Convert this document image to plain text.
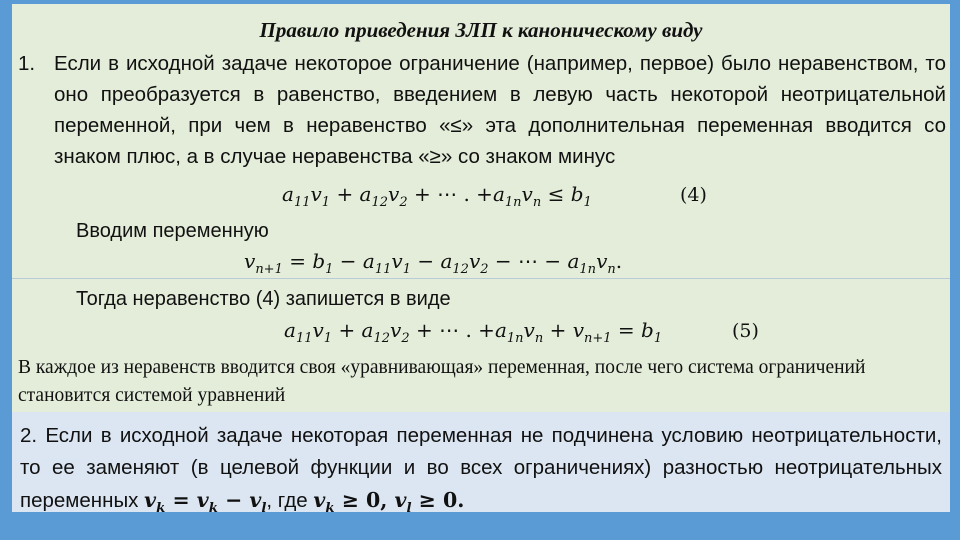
Правило приведения ЗЛП к каноническому виду
1. Если в исходной задаче некоторое ограничение (например, первое) было неравенством, то оно преобразуется в равенство, введением в левую часть некоторой неотрицательной переменной, при чем в неравенство «≤» эта дополнительная переменная вводится со знаком плюс, а в случае неравенства «≥» со знаком минус
$a_{11}v_1 + a_{12}v_2$ + ⋯ . $+a_{1n}v_n \le b_1$	(4)
Вводим переменную
$v_{n+1} = b_1 - a_{11}v_1 - a_{12}v_2$ − ⋯ − $a_{1n}v_n$.
Тогда неравенство (4) запишется в виде
$a_{11}v_1 + a_{12}v_2$ + ⋯ . $+a_{1n}v_n + v_{n+1} = b_1$	(5)
В каждое из неравенств вводится своя «уравнивающая» переменная, после чего система ограничений становится системой уравнений
2. Если в исходной задаче некоторая переменная не подчинена условию неотрицательности, то ее заменяют (в целевой функции и во всех ограничениях) разностью неотрицательных переменных $v_k = v_k - v_l$, где $v_k \ge 0$, $v_l \ge 0$.
